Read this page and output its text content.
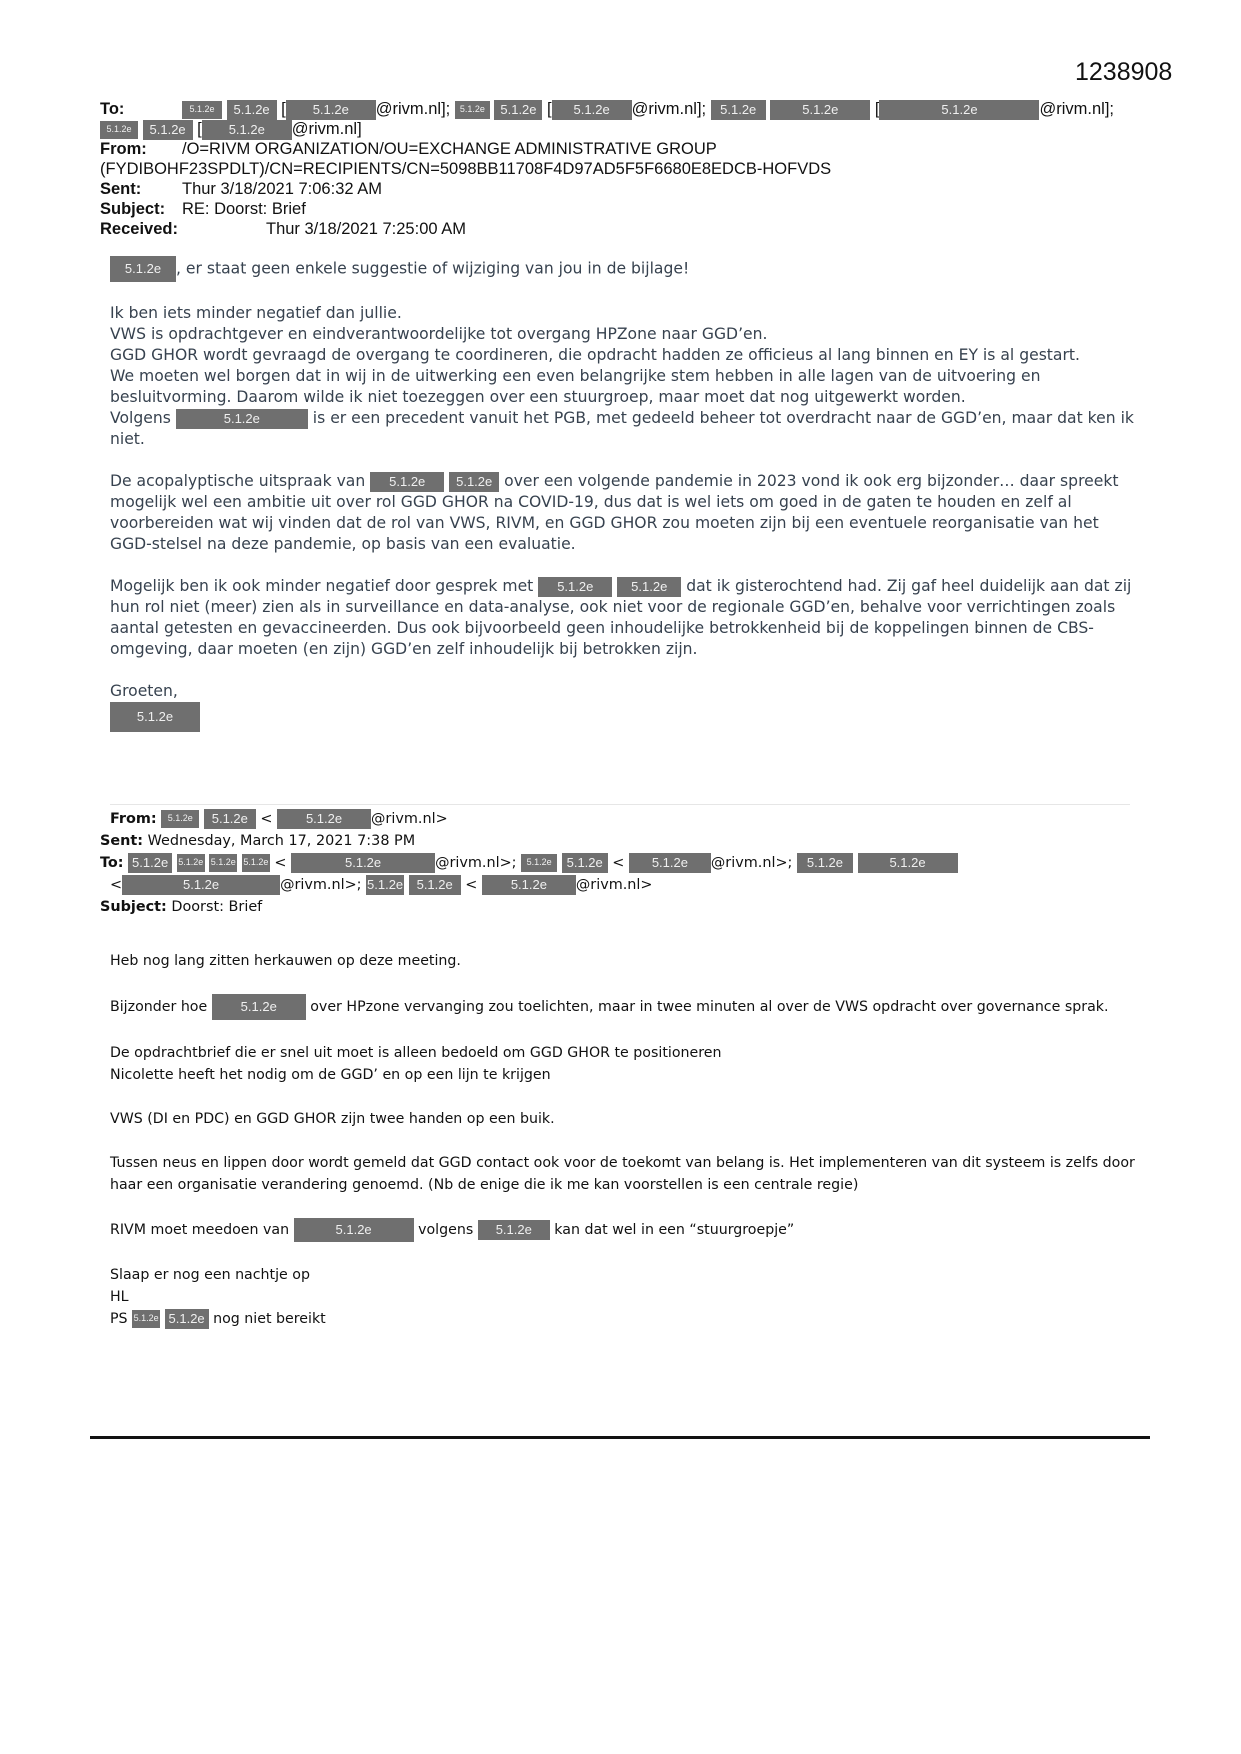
1238908
To:	5.1.2e 5.1.2e [ 5.1.2e @rivm.nl]; 5.1.2e 5.1.2e [ 5.1.2e @rivm.nl]; 5.1.2e	5.1.2e [	5.1.2e	@rivm.nl];
5.1.2e 5.1.2e [ 5.1.2e @rivm.nl]
From: /O=RIVM ORGANIZATION/OU=EXCHANGE ADMINISTRATIVE GROUP
(FYDIBOHF23SPDLT)/CN=RECIPIENTS/CN=5098BB11708F4D97AD5F5F6680E8EDCB-HOFVDS
Sent: Thur 3/18/2021 7:06:32 AM
Subject: RE: Doorst: Brief
Received:	Thur 3/18/2021 7:25:00 AM

5.1.2e , er staat geen enkele suggestie of wijziging van jou in de bijlage!

Ik ben iets minder negatief dan jullie.

VWS is opdrachtgever en eindverantwoordelijke tot overgang HPZone naar GGD’en.

GGD GHOR wordt gevraagd de overgang te coordineren, die opdracht hadden ze officieus al lang binnen en EY is al gestart.

We moeten wel borgen dat in wij in de uitwerking een even belangrijke stem hebben in alle lagen van de uitvoering en besluitvorming. Daarom wilde ik niet toezeggen over een stuurgroep, maar moet dat nog uitgewerkt worden.

Volgens	5.1.2e	is er een precedent vanuit het PGB, met gedeeld beheer tot overdracht naar de GGD’en, maar dat ken ik niet.

De acopalyptische uitspraak van 5.1.2e 5.1.2e over een volgende pandemie in 2023 vond ik ook erg bijzonder… daar spreekt mogelijk wel een ambitie uit over rol GGD GHOR na COVID-19, dus dat is wel iets om goed in de gaten te houden en zelf al voorbereiden wat wij vinden dat de rol van VWS, RIVM, en GGD GHOR zou moeten zijn bij een eventuele reorganisatie van het GGD-stelsel na deze pandemie, op basis van een evaluatie.

Mogelijk ben ik ook minder negatief door gesprek met 5.1.2e	5.1.2e dat ik gisterochtend had. Zij gaf heel duidelijk aan dat zij hun rol niet (meer) zien als in surveillance en data-analyse, ook niet voor de regionale GGD’en, behalve voor verrichtingen zoals aantal getesten en gevaccineerden. Dus ook bijvoorbeeld geen inhoudelijke betrokkenheid bij de koppelingen binnen de CBS-omgeving, daar moeten (en zijn) GGD’en zelf inhoudelijk bij betrokken zijn.

Groeten,

5.1.2e

From: 5.1.2e 5.1.2e < 5.1.2e @rivm.nl>
Sent: Wednesday, March 17, 2021 7:38 PM
To: 5.1.2e 5.1.2e 5.1.2e 5.1.2e <	5.1.2e	@rivm.nl>; 5.1.2e 5.1.2e < 5.1.2e @rivm.nl>; 5.1.2e	5.1.2e
<	5.1.2e	@rivm.nl>; 5.1.2e 5.1.2e < 5.1.2e @rivm.nl>
Subject: Doorst: Brief

Heb nog lang zitten herkauwen op deze meeting.

Bijzonder hoe	5.1.2e over HPzone vervanging zou toelichten, maar in twee minuten al over de VWS opdracht over governance sprak.

De opdrachtbrief die er snel uit moet is alleen bedoeld om GGD GHOR te positioneren

Nicolette heeft het nodig om de GGD’ en op een lijn te krijgen

VWS (DI en PDC) en GGD GHOR zijn twee handen op een buik.

Tussen neus en lippen door wordt gemeld dat GGD contact ook voor de toekomt van belang is. Het implementeren van dit systeem is zelfs door haar een organisatie verandering genoemd. (Nb de enige die ik me kan voorstellen is een centrale regie)

RIVM moet meedoen van	5.1.2e	volgens 5.1.2e kan dat wel in een “stuurgroepje”

Slaap er nog een nachtje op

HL

PS 5.1.2e 5.1.2e nog niet bereikt
